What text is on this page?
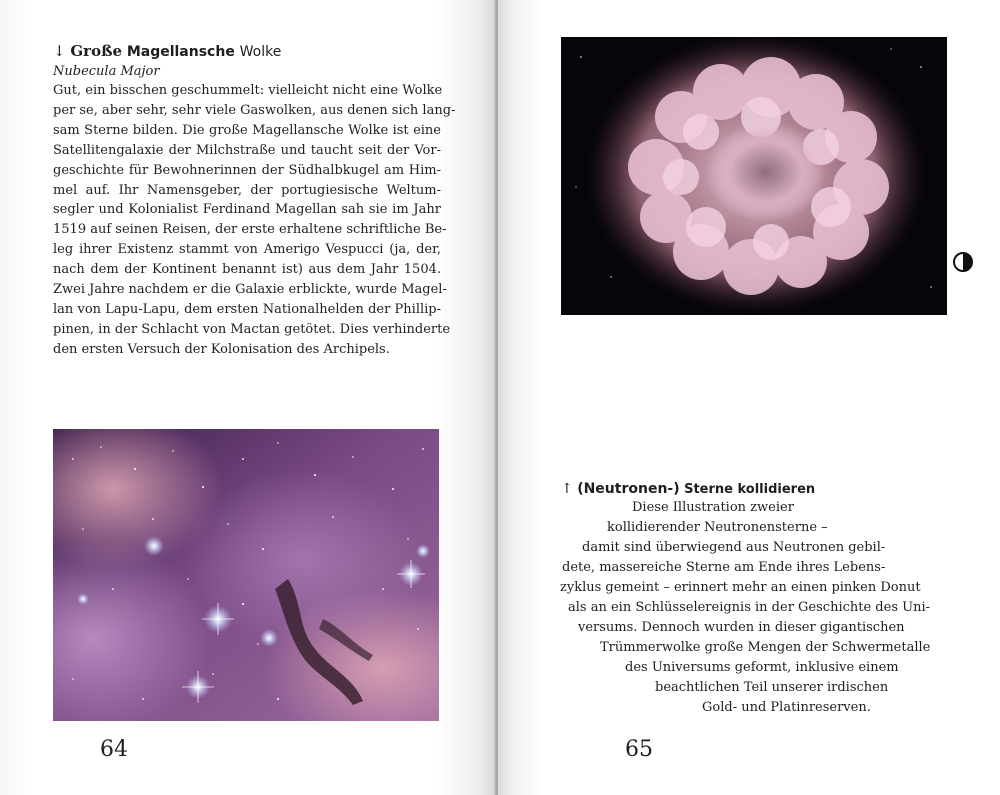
↓ Große Magellansche Wolke
Nubecula Major
Gut, ein bisschen geschummelt: vielleicht nicht eine Wolke
per se, aber sehr, sehr viele Gaswolken, aus denen sich lang-
sam Sterne bilden. Die große Magellansche Wolke ist eine
Satellitengalaxie der Milchstraße und taucht seit der Vor-
geschichte für Bewohnerinnen der Südhalbkugel am Him-
mel auf. Ihr Namensgeber, der portugiesische Weltum-
segler und Kolonialist Ferdinand Magellan sah sie im Jahr
1519 auf seinen Reisen, der erste erhaltene schriftliche Be-
leg ihrer Existenz stammt von Amerigo Vespucci (ja, der,
nach dem der Kontinent benannt ist) aus dem Jahr 1504.
Zwei Jahre nachdem er die Galaxie erblickte, wurde Magel-
lan von Lapu-Lapu, dem ersten Nationalhelden der Phillip-
pinen, in der Schlacht von Mactan getötet. Dies verhinderte
den ersten Versuch der Kolonisation des Archipels.
64
↑ (Neutronen-) Sterne kollidieren
Diese Illustration zweier
kollidierender Neutronensterne –
damit sind überwiegend aus Neutronen gebil-
dete, massereiche Sterne am Ende ihres Lebens-
zyklus gemeint – erinnert mehr an einen pinken Donut
als an ein Schlüsselereignis in der Geschichte des Uni-
versums. Dennoch wurden in dieser gigantischen
Trümmerwolke große Mengen der Schwermetalle
des Universums geformt, inklusive einem
beachtlichen Teil unserer irdischen
Gold- und Platinreserven.
65
